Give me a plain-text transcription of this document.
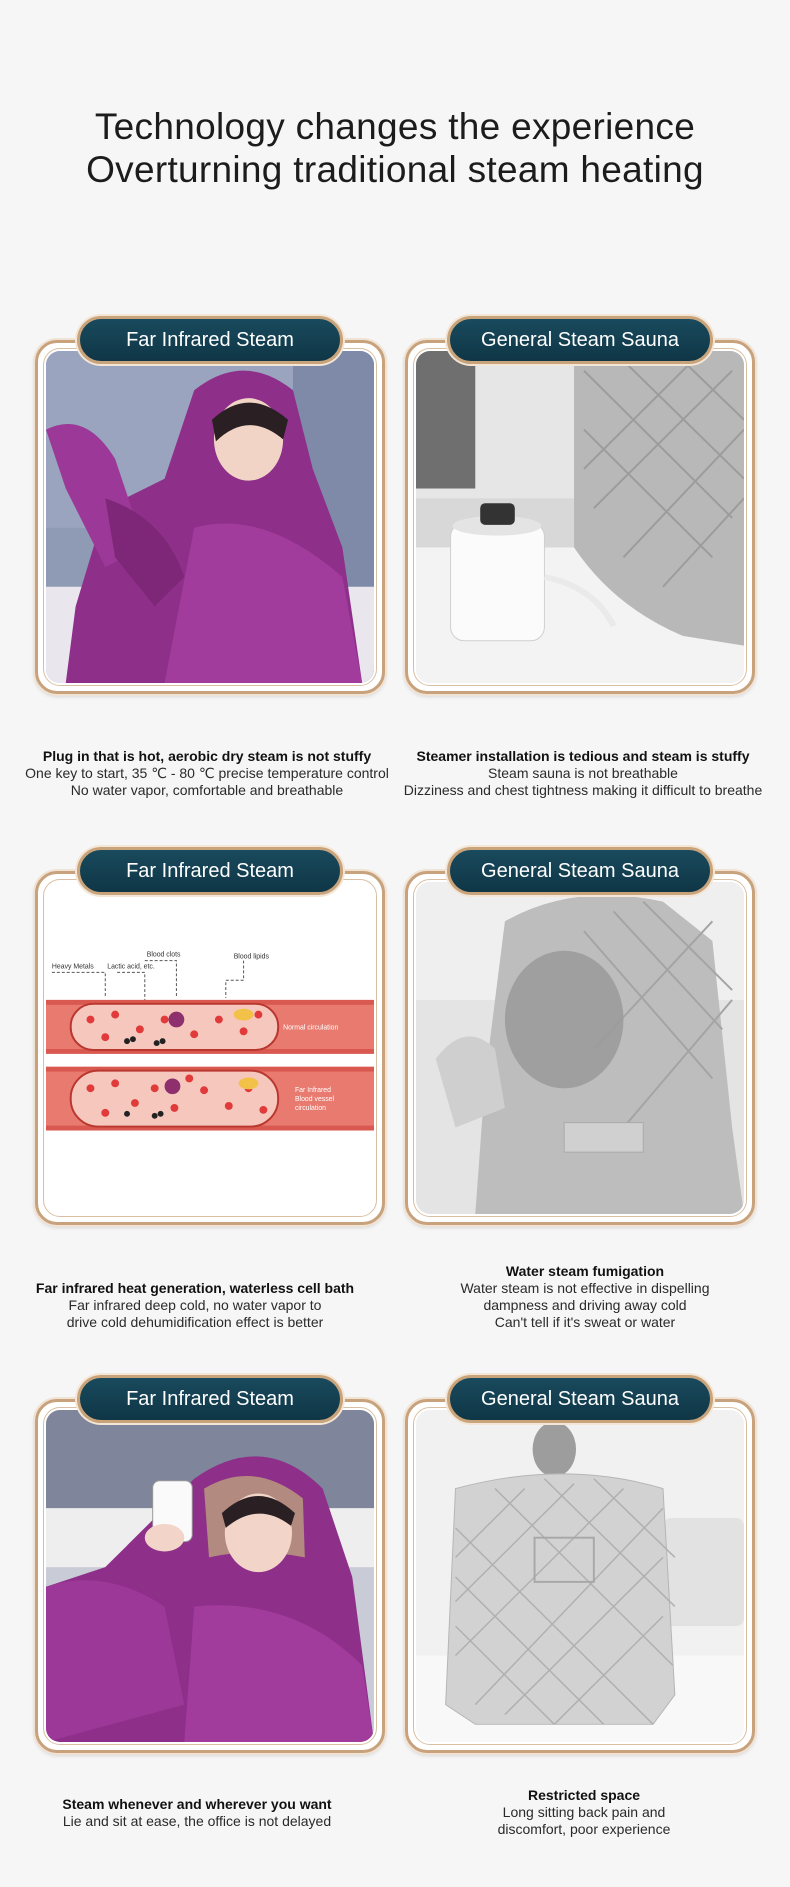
Technology changes the experience
Overturning traditional steam heating
Far Infrared Steam	General Steam Sauna
Plug in that is hot, aerobic dry steam is not stuffy
One key to start, 35 ℃ - 80 ℃ precise temperature control
No water vapor, comfortable and breathable
Steamer installation is tedious and steam is stuffy
Steam sauna is not breathable
Dizziness and chest tightness making it difficult to breathe
Heavy Metals Lactic acid, etc.
Blood clots	Blood lipids
Normal circulation
Far Infrared
Blood vessel
circulation
Far Infrared Steam	General Steam Sauna
Far infrared heat generation, waterless cell bath
Far infrared deep cold, no water vapor to
drive cold dehumidification effect is better
Water steam fumigation
Water steam is not effective in dispelling
dampness and driving away cold
Can't tell if it's sweat or water
Far Infrared Steam	General Steam Sauna
Steam whenever and wherever you want
Lie and sit at ease, the office is not delayed
Restricted space
Long sitting back pain and
discomfort, poor experience
